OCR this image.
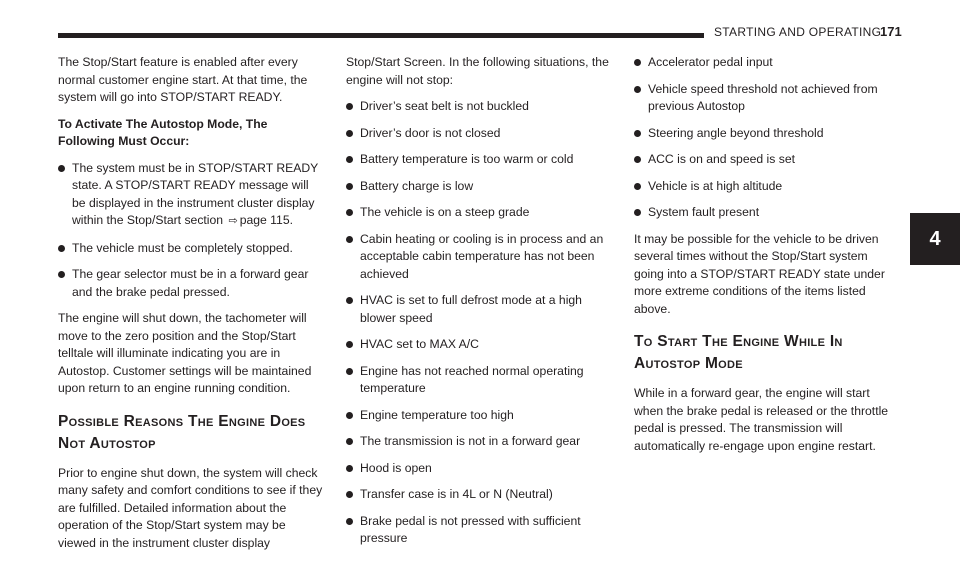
STARTING AND OPERATING
171
4

The Stop/Start feature is enabled after every normal customer engine start. At that time, the system will go into STOP/START READY.

To Activate The Autostop Mode, The Following Must Occur:

The system must be in STOP/START READY state. A STOP/START READY message will be displayed in the instrument cluster display within the Stop/Start section ⇨ page 115.
The vehicle must be completely stopped.
The gear selector must be in a forward gear and the brake pedal pressed.

The engine will shut down, the tachometer will move to the zero position and the Stop/Start telltale will illuminate indicating you are in Autostop. Customer settings will be maintained upon return to an engine running condition.

Possible Reasons The Engine Does Not Autostop

Prior to engine shut down, the system will check many safety and comfort conditions to see if they are fulfilled. Detailed information about the operation of the Stop/Start system may be viewed in the instrument cluster display

Stop/Start Screen. In the following situations, the engine will not stop:

Driver’s seat belt is not buckled
Driver’s door is not closed
Battery temperature is too warm or cold
Battery charge is low
The vehicle is on a steep grade
Cabin heating or cooling is in process and an acceptable cabin temperature has not been achieved
HVAC is set to full defrost mode at a high blower speed
HVAC set to MAX A/C
Engine has not reached normal operating temperature
Engine temperature too high
The transmission is not in a forward gear
Hood is open
Transfer case is in 4L or N (Neutral)
Brake pedal is not pressed with sufficient pressure
Accelerator pedal input
Vehicle speed threshold not achieved from previous Autostop
Steering angle beyond threshold
ACC is on and speed is set
Vehicle is at high altitude
System fault present

It may be possible for the vehicle to be driven several times without the Stop/Start system going into a STOP/START READY state under more extreme conditions of the items listed above.

To Start The Engine While In Autostop Mode

While in a forward gear, the engine will start when the brake pedal is released or the throttle pedal is pressed. The transmission will automatically re-engage upon engine restart.
